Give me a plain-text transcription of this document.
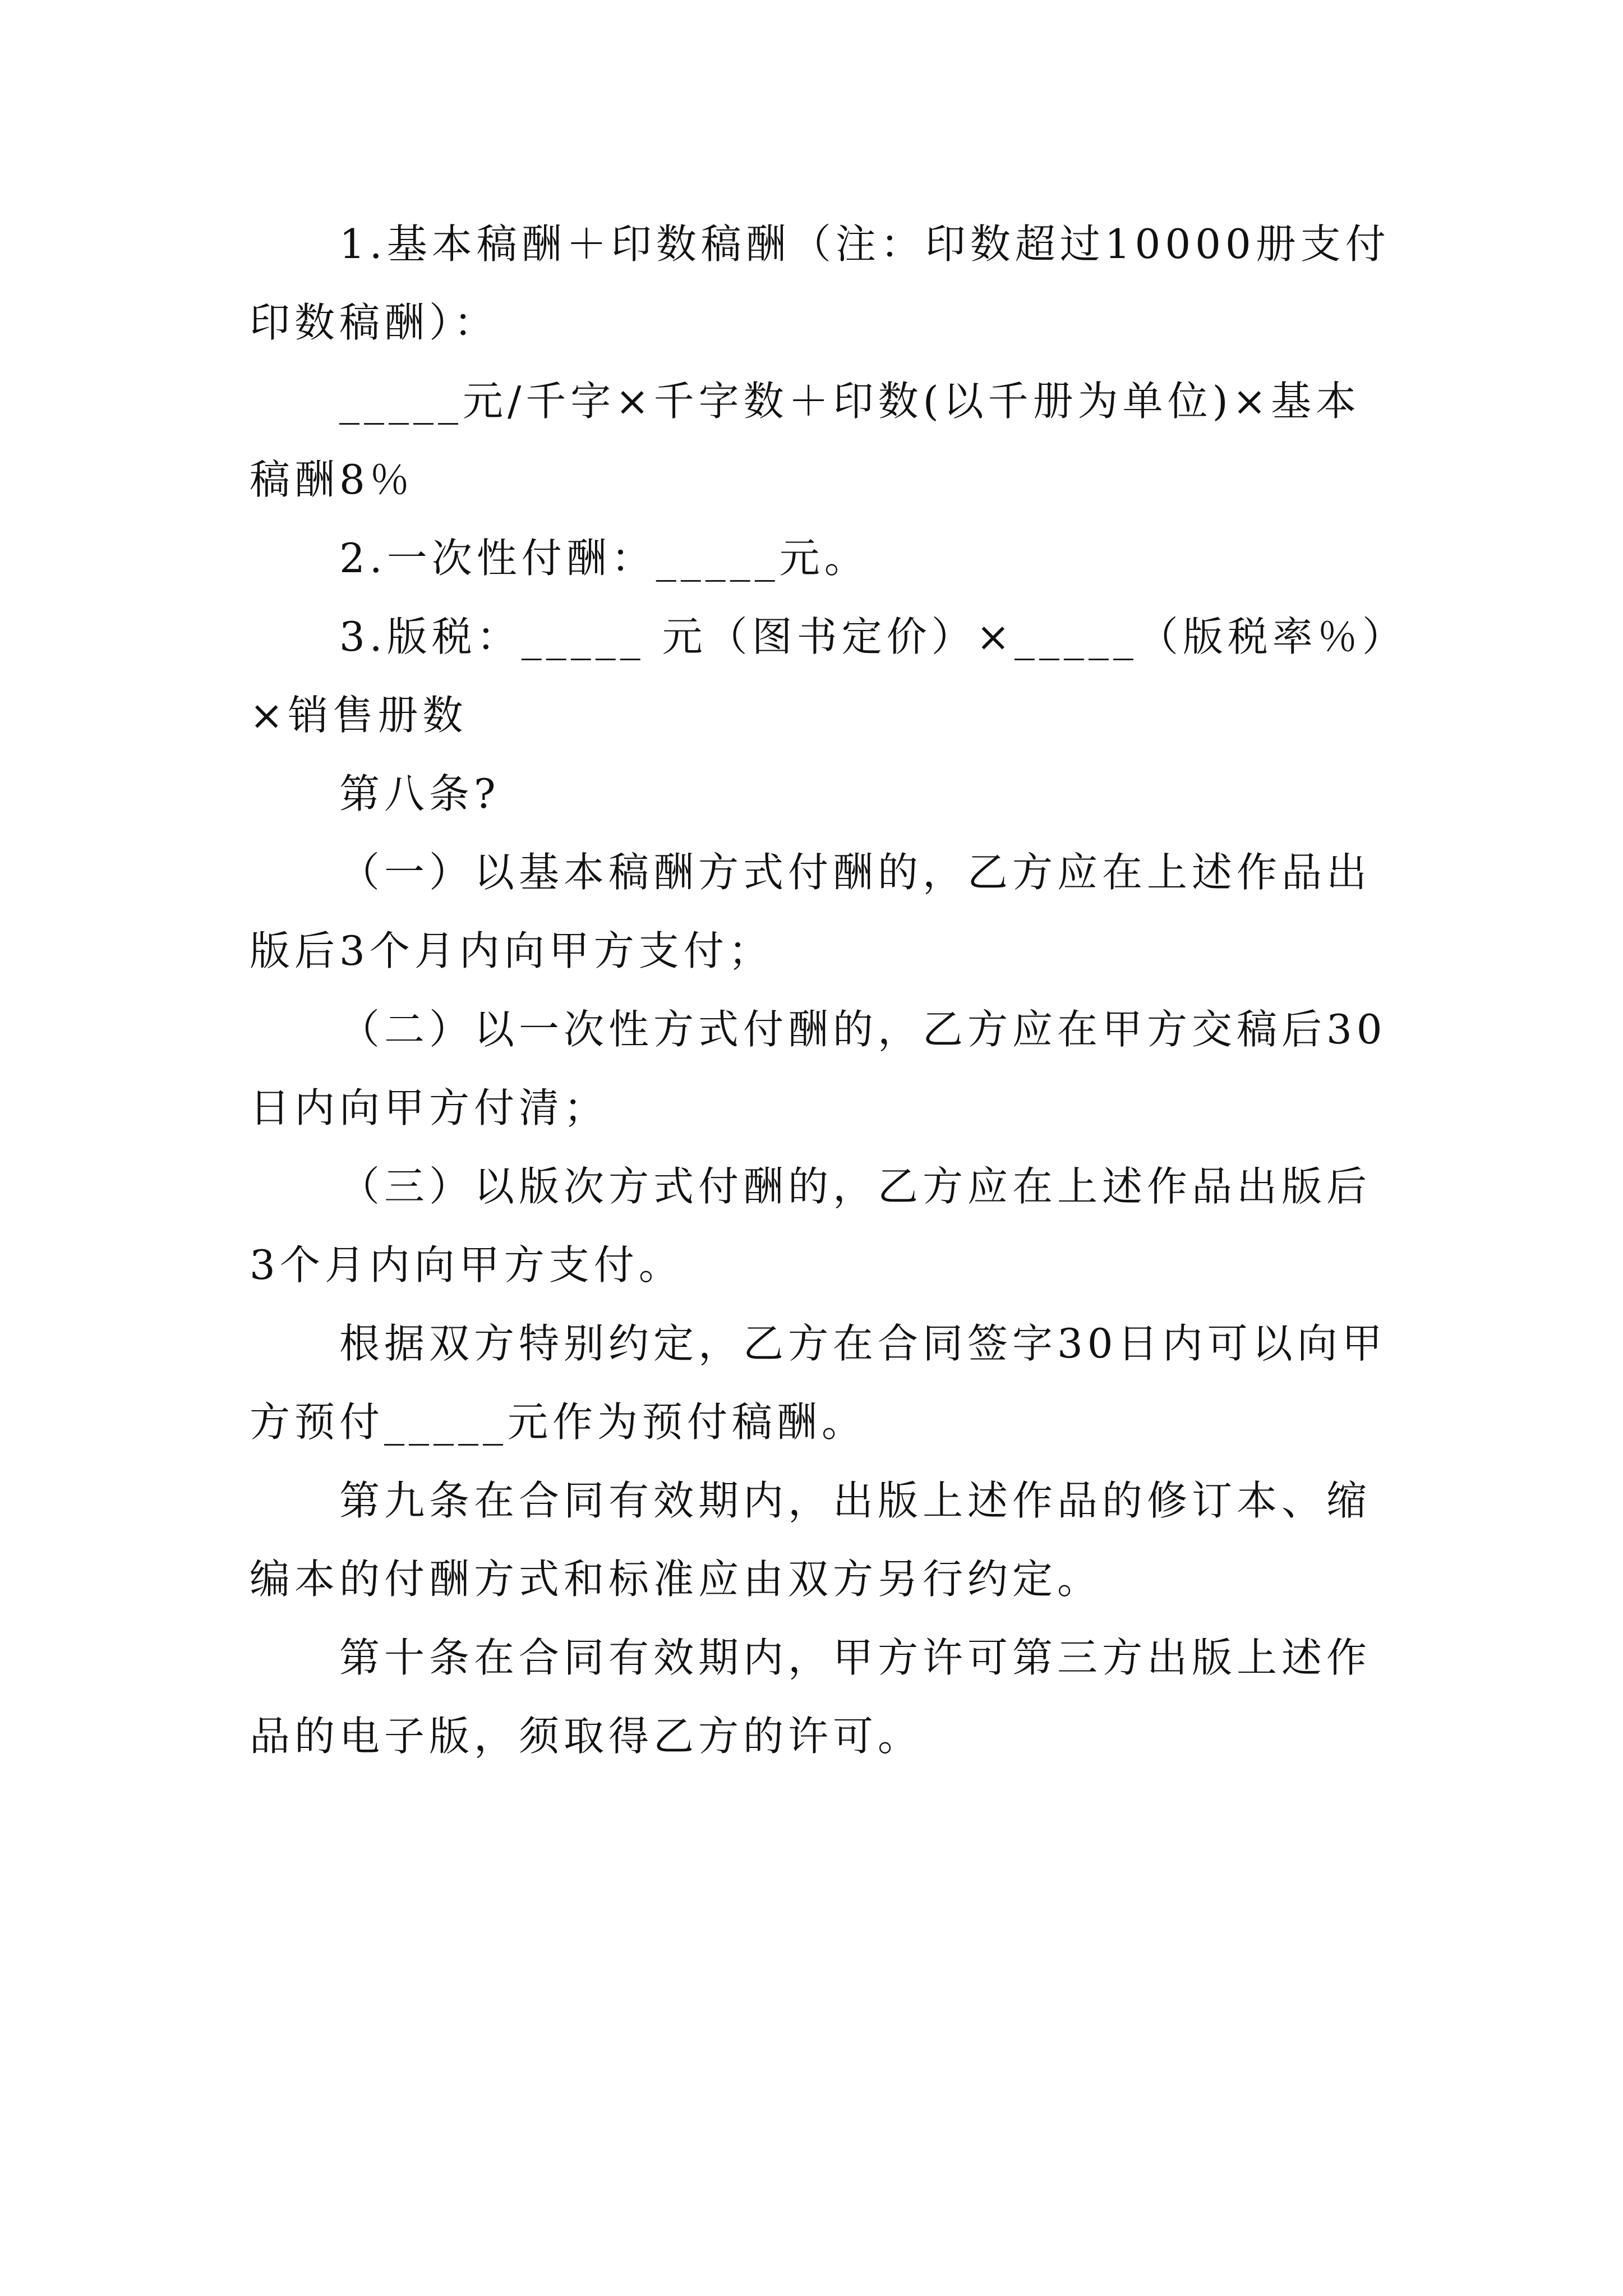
1.基本稿酬＋印数稿酬（注：印数超过10000册支付印数稿酬）：

_____元/千字×千字数＋印数(以千册为单位)×基本稿酬8％

2.一次性付酬：_____元。

3.版税：_____ 元（图书定价）×_____（版税率％）×销售册数

第八条?

（一）以基本稿酬方式付酬的，乙方应在上述作品出版后3个月内向甲方支付；

（二）以一次性方式付酬的，乙方应在甲方交稿后30日内向甲方付清；

（三）以版次方式付酬的，乙方应在上述作品出版后3个月内向甲方支付。

根据双方特别约定，乙方在合同签字30日内可以向甲方预付_____元作为预付稿酬。

第九条在合同有效期内，出版上述作品的修订本、缩编本的付酬方式和标准应由双方另行约定。

第十条在合同有效期内，甲方许可第三方出版上述作品的电子版，须取得乙方的许可。
